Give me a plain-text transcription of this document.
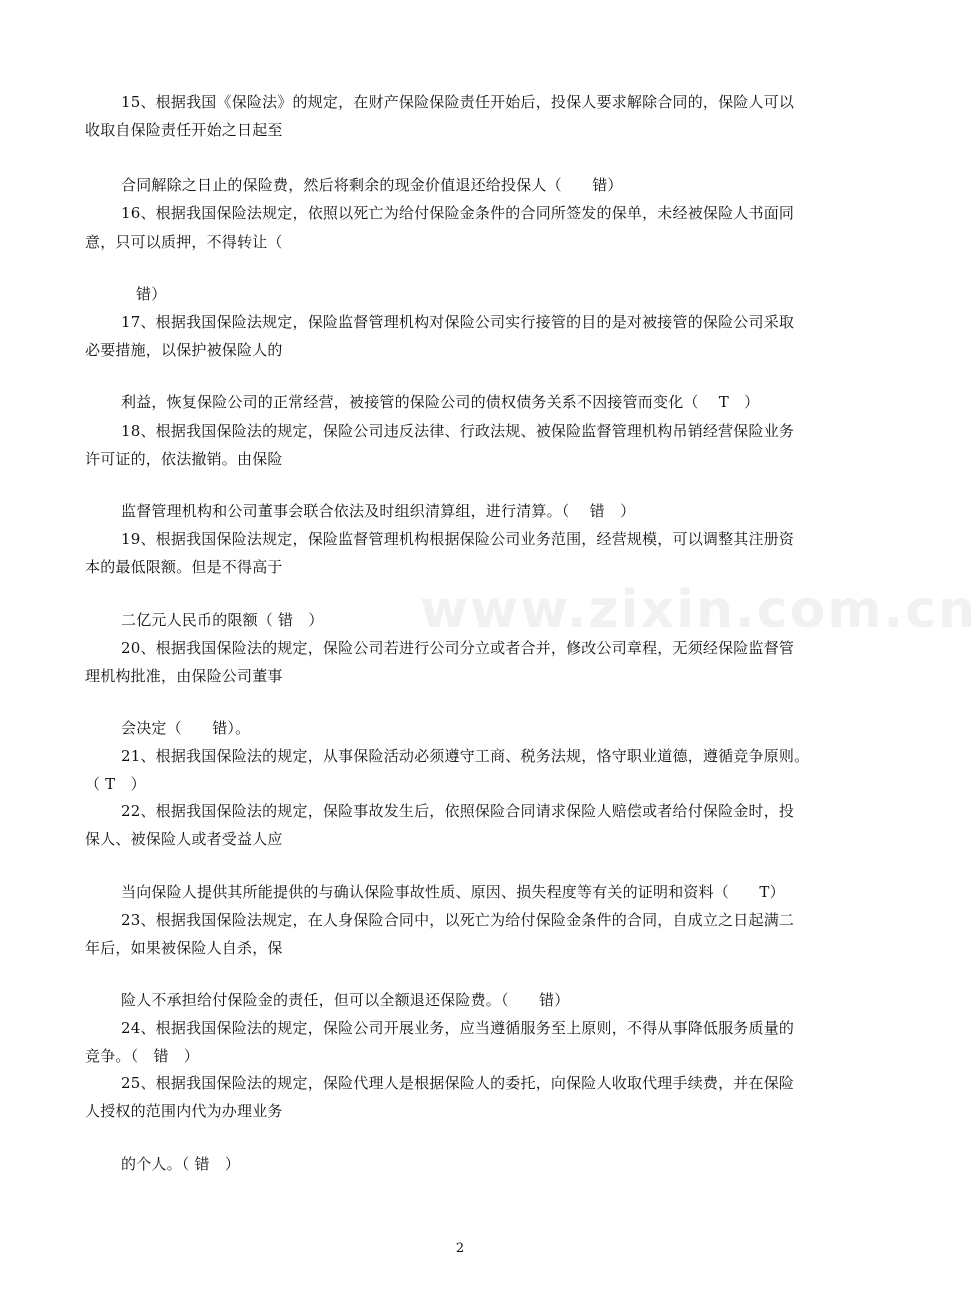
www.zixin.com.cn
15、根据我国《保险法》的规定，在财产保险保险责任开始后，投保人要求解除合同的，保险人可以
收取自保险责任开始之日起至
合同解除之日止的保险费，然后将剩余的现金价值退还给投保人（　　错）
16、根据我国保险法规定，依照以死亡为给付保险金条件的合同所签发的保单，未经被保险人书面同
意，只可以质押，不得转让（
错）
17、根据我国保险法规定，保险监督管理机构对保险公司实行接管的目的是对被接管的保险公司采取
必要措施，以保护被保险人的
利益，恢复保险公司的正常经营，被接管的保险公司的债权债务关系不因接管而变化（　 T　）
18、根据我国保险法的规定，保险公司违反法律、行政法规、被保险监督管理机构吊销经营保险业务
许可证的，依法撤销。由保险
监督管理机构和公司董事会联合依法及时组织清算组，进行清算。（　 错　）
19、根据我国保险法规定，保险监督管理机构根据保险公司业务范围，经营规模，可以调整其注册资
本的最低限额。但是不得高于
二亿元人民币的限额（ 错　）
20、根据我国保险法的规定，保险公司若进行公司分立或者合并，修改公司章程，无须经保险监督管
理机构批准，由保险公司董事
会决定（　　错）。
21、根据我国保险法的规定，从事保险活动必须遵守工商、税务法规，恪守职业道德，遵循竞争原则。
（ T　）
22、根据我国保险法的规定，保险事故发生后，依照保险合同请求保险人赔偿或者给付保险金时，投
保人、被保险人或者受益人应
当向保险人提供其所能提供的与确认保险事故性质、原因、损失程度等有关的证明和资料（　　T）
23、根据我国保险法规定，在人身保险合同中，以死亡为给付保险金条件的合同，自成立之日起满二
年后，如果被保险人自杀，保
险人不承担给付保险金的责任，但可以全额退还保险费。（　　错）
24、根据我国保险法的规定，保险公司开展业务，应当遵循服务至上原则，不得从事降低服务质量的
竞争。（　错　）
25、根据我国保险法的规定，保险代理人是根据保险人的委托，向保险人收取代理手续费，并在保险
人授权的范围内代为办理业务
的个人。（ 错　）
2
